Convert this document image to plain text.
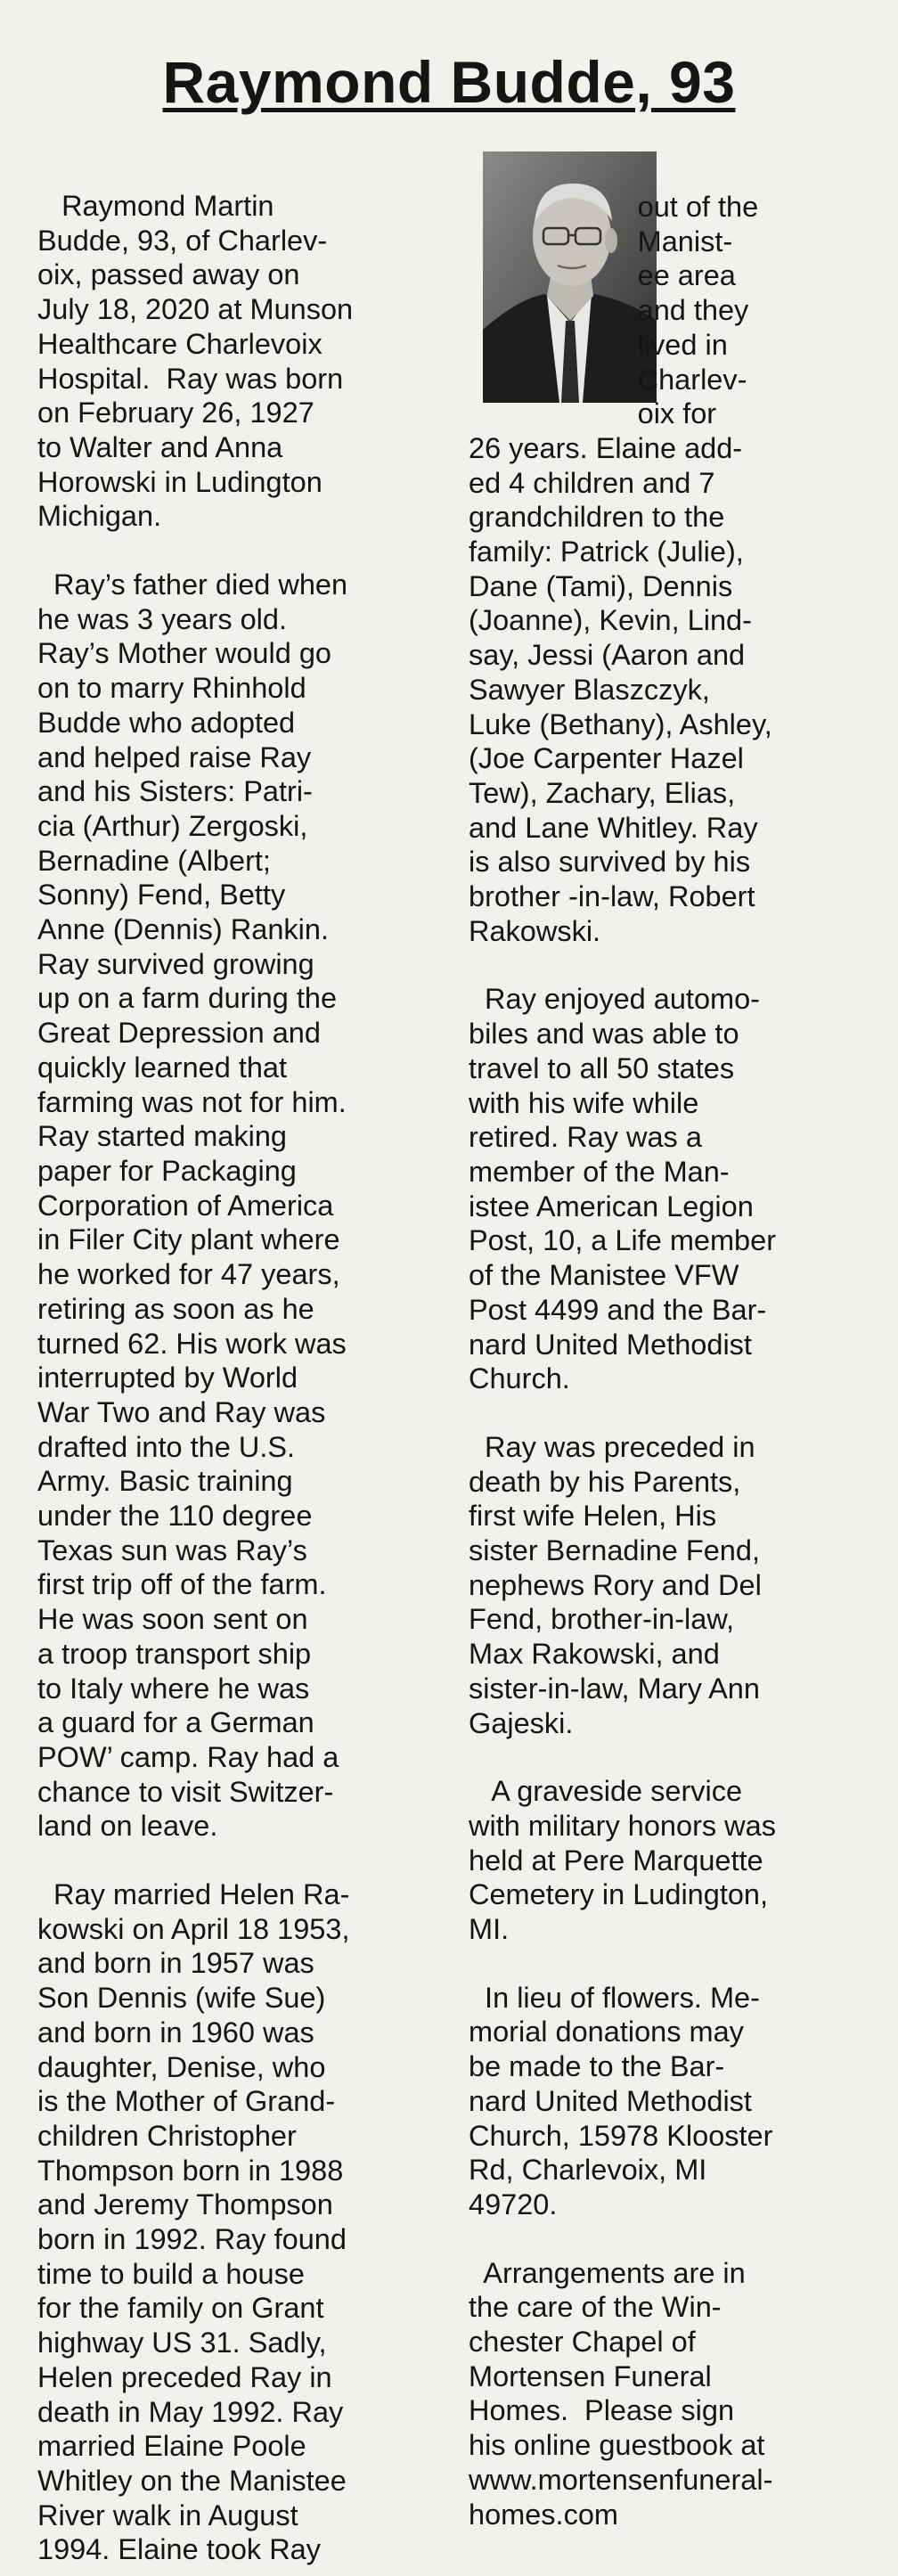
Raymond Budde, 93

Raymond Martin

Budde, 93, of Charlev-

oix, passed away on

July 18, 2020 at Munson

Healthcare Charlevoix

Hospital.  Ray was born

on February 26, 1927

to Walter and Anna

Horowski in Ludington

Michigan.

Ray’s father died when

he was 3 years old.

Ray’s Mother would go

on to marry Rhinhold

Budde who adopted

and helped raise Ray

and his Sisters: Patri-

cia (Arthur) Zergoski,

Bernadine (Albert;

Sonny) Fend, Betty

Anne (Dennis) Rankin.

Ray survived growing

up on a farm during the

Great Depression and

quickly learned that

farming was not for him.

Ray started making

paper for Packaging

Corporation of America

in Filer City plant where

he worked for 47 years,

retiring as soon as he

turned 62. His work was

interrupted by World

War Two and Ray was

drafted into the U.S.

Army. Basic training

under the 110 degree

Texas sun was Ray’s

first trip off of the farm.

He was soon sent on

a troop transport ship

to Italy where he was

a guard for a German

POW’ camp. Ray had a

chance to visit Switzer-

land on leave.

Ray married Helen Ra-

kowski on April 18 1953,

and born in 1957 was

Son Dennis (wife Sue)

and born in 1960 was

daughter, Denise, who

is the Mother of Grand-

children Christopher

Thompson born in 1988

and Jeremy Thompson

born in 1992. Ray found

time to build a house

for the family on Grant

highway US 31. Sadly,

Helen preceded Ray in

death in May 1992. Ray

married Elaine Poole

Whitley on the Manistee

River walk in August

1994. Elaine took Ray

out of the

Manist-

ee area

and they

lived in

Charlev-

oix for

26 years. Elaine add-

ed 4 children and 7

grandchildren to the

family: Patrick (Julie),

Dane (Tami), Dennis

(Joanne), Kevin, Lind-

say, Jessi (Aaron and

Sawyer Blaszczyk,

Luke (Bethany), Ashley,

(Joe Carpenter Hazel

Tew), Zachary, Elias,

and Lane Whitley. Ray

is also survived by his

brother -in-law, Robert

Rakowski.

Ray enjoyed automo-

biles and was able to

travel to all 50 states

with his wife while

retired. Ray was a

member of the Man-

istee American Legion

Post, 10, a Life member

of the Manistee VFW

Post 4499 and the Bar-

nard United Methodist

Church.

Ray was preceded in

death by his Parents,

first wife Helen, His

sister Bernadine Fend,

nephews Rory and Del

Fend, brother-in-law,

Max Rakowski, and

sister-in-law, Mary Ann

Gajeski.

A graveside service

with military honors was

held at Pere Marquette

Cemetery in Ludington,

MI.

In lieu of flowers. Me-

morial donations may

be made to the Bar-

nard United Methodist

Church, 15978 Klooster

Rd, Charlevoix, MI

49720.

Arrangements are in

the care of the Win-

chester Chapel of

Mortensen Funeral

Homes.  Please sign

his online guestbook at

www.mortensenfuneral-

homes.com
